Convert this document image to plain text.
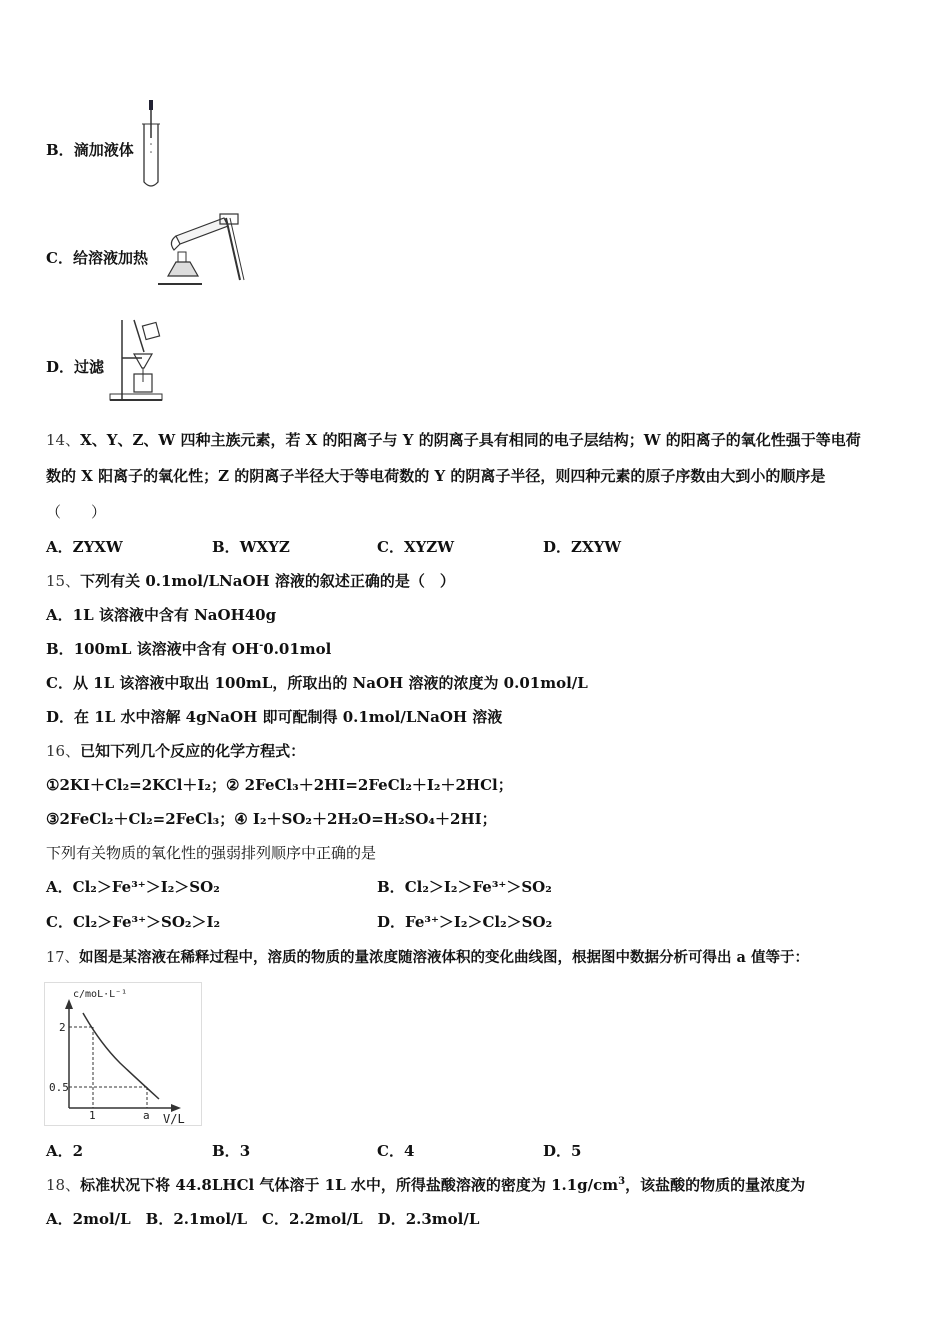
B．滴加液体
C．给溶液加热
D．过滤
14、X、Y、Z、W 四种主族元素，若 X 的阳离子与 Y 的阴离子具有相同的电子层结构；W 的阳离子的氧化性强于等电荷
数的 X 阳离子的氧化性；Z 的阴离子半径大于等电荷数的 Y 的阴离子半径，则四种元素的原子序数由大到小的顺序是
（　　）
A．ZYXW	B．WXYZ	C．XYZW	D．ZXYW
15、下列有关 0.1mol/LNaOH 溶液的叙述正确的是（　）
A．1L 该溶液中含有 NaOH40g
B．100mL 该溶液中含有 OH-0.01mol
C．从 1L 该溶液中取出 100mL，所取出的 NaOH 溶液的浓度为 0.01mol/L
D．在 1L 水中溶解 4gNaOH 即可配制得 0.1mol/LNaOH 溶液
16、已知下列几个反应的化学方程式：
①2KI＋Cl₂=2KCl＋I₂；② 2FeCl₃＋2HI=2FeCl₂＋I₂＋2HCl；
③2FeCl₂＋Cl₂=2FeCl₃；④ I₂＋SO₂＋2H₂O=H₂SO₄＋2HI；
下列有关物质的氧化性的强弱排列顺序中正确的是
A．Cl₂＞Fe³⁺＞I₂＞SO₂	B．Cl₂＞I₂＞Fe³⁺＞SO₂
C．Cl₂＞Fe³⁺＞SO₂＞I₂	D．Fe³⁺＞I₂＞Cl₂＞SO₂
17、如图是某溶液在稀释过程中，溶质的物质的量浓度随溶液体积的变化曲线图，根据图中数据分析可得出 a 值等于：
c/moL·L⁻¹
V/L
2
0.5
1	a
A．2	B．3	C．4	D．5
18、标准状况下将 44.8LHCl 气体溶于 1L 水中，所得盐酸溶液的密度为 $1.1g/cm^3$，该盐酸的物质的量浓度为
A．2mol/L　B．2.1mol/L　C．2.2mol/L　D．2.3mol/L
